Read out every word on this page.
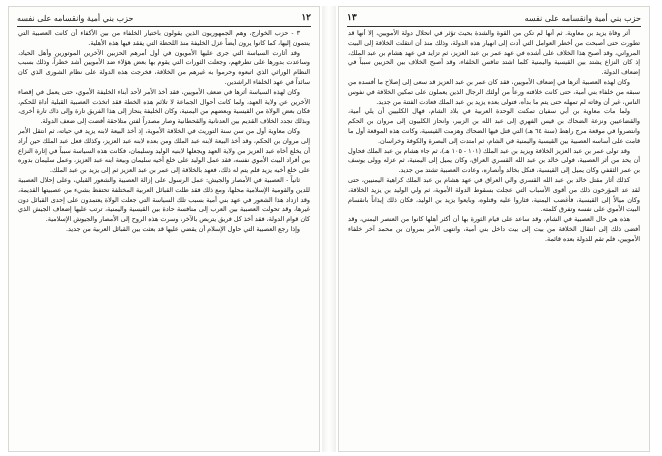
١٢
حزب بني أمية وانقسامه على نفسه

٣ - حزب الخوارج، وهم الجمهوريون الذين يقولون باختيار الخلفاء من بين الأكفاء أن كانت العصبية التي ينتمون إليها، كما كانوا يرون أيضاً عزل الخليفة منذ اللحظة التي يفقد فيها هذه الأهلية.

وقد أثارت السياسة التي جرى عليها الأمويون في أول أمرهم الحزبين الآخرين الموتورين وأهل الحياد، وساعدت بدورها على تطرفهم، وجعلت الثورات التي يقوم بها بعض هؤلاء ضد الأمويين أشد خطراً، وذلك بسبب النظام الوراثي الذي اتبعوه وحرموا به غيرهم من الخلافة، فخرجت هذه الدولة على نظام الشورى الذي كان سائداً في عهد الخلفاء الراشدين.

وكان لهذه السياسة أثرها في ضعف الأمويين، فقد أخذ الأمر لأحد أبناء الخليفة الأموي، حتى يعمل في إقصاء الآخرين عن ولاية العهد، ولما كانت أحوال الجماعة لا تلائم هذه الخطة فقد اتخذت العصبية القبلية أداة للحكم، فكان بعض الولاة من القيسية وبعضهم من اليمنية، وكان الخليفة ينحاز إلى هذا الفريق تارة وإلى ذاك تارة أخرى، وبذلك تجدد الخلاف القديم بين العدنانية والقحطانية وصار مصدراً لفتن متلاحقة أفضت إلى ضعف الدولة.

وكان معاوية أول من سن سنة التوريث في الخلافة الأموية، إذ أخذ البيعة لابنه يزيد في حياته، ثم انتقل الأمر إلى مروان بن الحكم، وقد أخذ البيعة لابنه عبد الملك ومن بعده لابنه عبد العزيز، وكذلك فعل عبد الملك حين أراد أن يخلع أخاه عبد العزيز من ولاية العهد ويجعلها لابنيه الوليد وسليمان، فكانت هذه السياسة سبباً في إثارة النزاع بين أفراد البيت الأموي نفسه، فقد عمل الوليد على خلع أخيه سليمان وبيعة ابنه عبد العزيز، وعمل سليمان بدوره على خلع أخيه يزيد فلم يتم له ذلك، فعهد بالخلافة إلى عمر بن عبد العزيز ثم إلى يزيد بن عبد الملك.

ثانياً - العصبية في الأمصار والجيش: عمل الرسول على إزالة العصبية والشعور القبلي، وعلى إحلال العصبية للدين والقومية الإسلامية محلها، ومع ذلك فقد ظلت القبائل العربية المختلفة تحتفظ بشيء من عصبيتها القديمة، وقد ازداد هذا الشعور في عهد بني أمية بسبب تلك السياسة التي جعلت الولاة يعتمدون على إحدى القبائل دون غيرها، وقد تحولت العصبية بين العرب إلى منافسة حادة بين القيسية واليمنية، ترتب عليها إضعاف الجيش الذي كان قوام الدولة، فقد أخذ كل فريق يتربص بالآخر، وسرت هذه الروح إلى الأمصار والجيوش الإسلامية.

وإذا رجع العصبية التي حاول الإسلام أن يقضي عليها قد بعثت بين القبائل العربية من جديد.

حزب بني أمية وانقسامه على نفسه
١٣

أثر وفاة يزيد بن معاوية. ثم أنها لم تكن من القوة والشدة بحيث تؤثر في انحلال دولة الأمويين، إلا أنها قد تطورت حتى أصبحت من أخطر العوامل التي أدت إلى انهيار هذه الدولة، وذلك منذ أن انتقلت الخلافة إلى البيت المرواني، وقد أصبح هذا الخلاف على أشده في عهد عمر بن عبد العزيز، ثم تزايد في عهد هشام بن عبد الملك، إذ كان النزاع يشتد بين القيسية واليمنية كلما اشتد تنافس الخلفاء، وقد أصبح الخلاف بين الحزبين سبباً في إضعاف الدولة.

وكان لهذه العصبية أثرها في إضعاف الأمويين، فقد كان عمر بن عبد العزيز قد سعى إلى إصلاح ما أفسده من سبقه من خلفاء بني أمية، حتى كانت خلافته ورعاً من أولئك الرجال الذين يعملون على تمكين الخلافة في نفوس الناس، غير أن وفاته لم تمهله حتى يتم ما بدأه، فتولى بعده يزيد بن عبد الملك فعادت الفتنة من جديد.

ولما مات معاوية بن أبي سفيان تمكنت الوحدة العربية في بلاد الشام، فهال الكلبيين أن يلي أمية، والقضاعيين ونزعة الضحاك بن قيس الفهري إلى عبد الله بن الزبير، وانحاز الكلبيون إلى مروان بن الحكم وانتصروا في موقعة مرج راهط (سنة ٦٤ هـ) التي قتل فيها الضحاك وهزمت القيسية، وكانت هذه الموقعة أول ما قامت على أساسه العصبية بين القيسية واليمنية في الشام، ثم امتدت إلى البصرة والكوفة وخراسان.

وقد تولى عمر بن عبد العزيز الخلافة ويزيد بن عبد الملك (١٠١ - ١٠٥ هـ)، ثم جاء هشام بن عبد الملك فحاول أن يحد من أثر العصبية، فولى خالد بن عبد الله القسري العراق، وكان يميل إلى اليمنية، ثم عزله وولى يوسف بن عمر الثقفي وكان يميل إلى القيسية، فنكل بخالد وأنصاره، وعادت العصبية تشتد من جديد.

كذلك أثار مقتل خالد بن عبد الله القسري والي العراق في عهد هشام بن عبد الملك كراهية اليمنيين، حتى لقد عد المؤرخون ذلك من أقوى الأسباب التي عجلت بسقوط الدولة الأموية، ثم ولي الوليد بن يزيد الخلافة، وكان ميالاً إلى القيسية، فأغضب اليمنية، فثاروا عليه وقتلوه، وبايعوا يزيد بن الوليد، فكان ذلك إيذاناً بانقسام البيت الأموي على نفسه وتفرق كلمته.

هذه هي حال العصبية في الشام، وقد ساعد على قيام الثورة بها أن أكثر أهلها كانوا من العنصر اليمني، وقد أفضى ذلك إلى انتقال الخلافة من بيت إلى بيت داخل بني أمية، وانتهى الأمر بمروان بن محمد آخر خلفاء الأمويين، فلم تقم للدولة بعده قائمة.
